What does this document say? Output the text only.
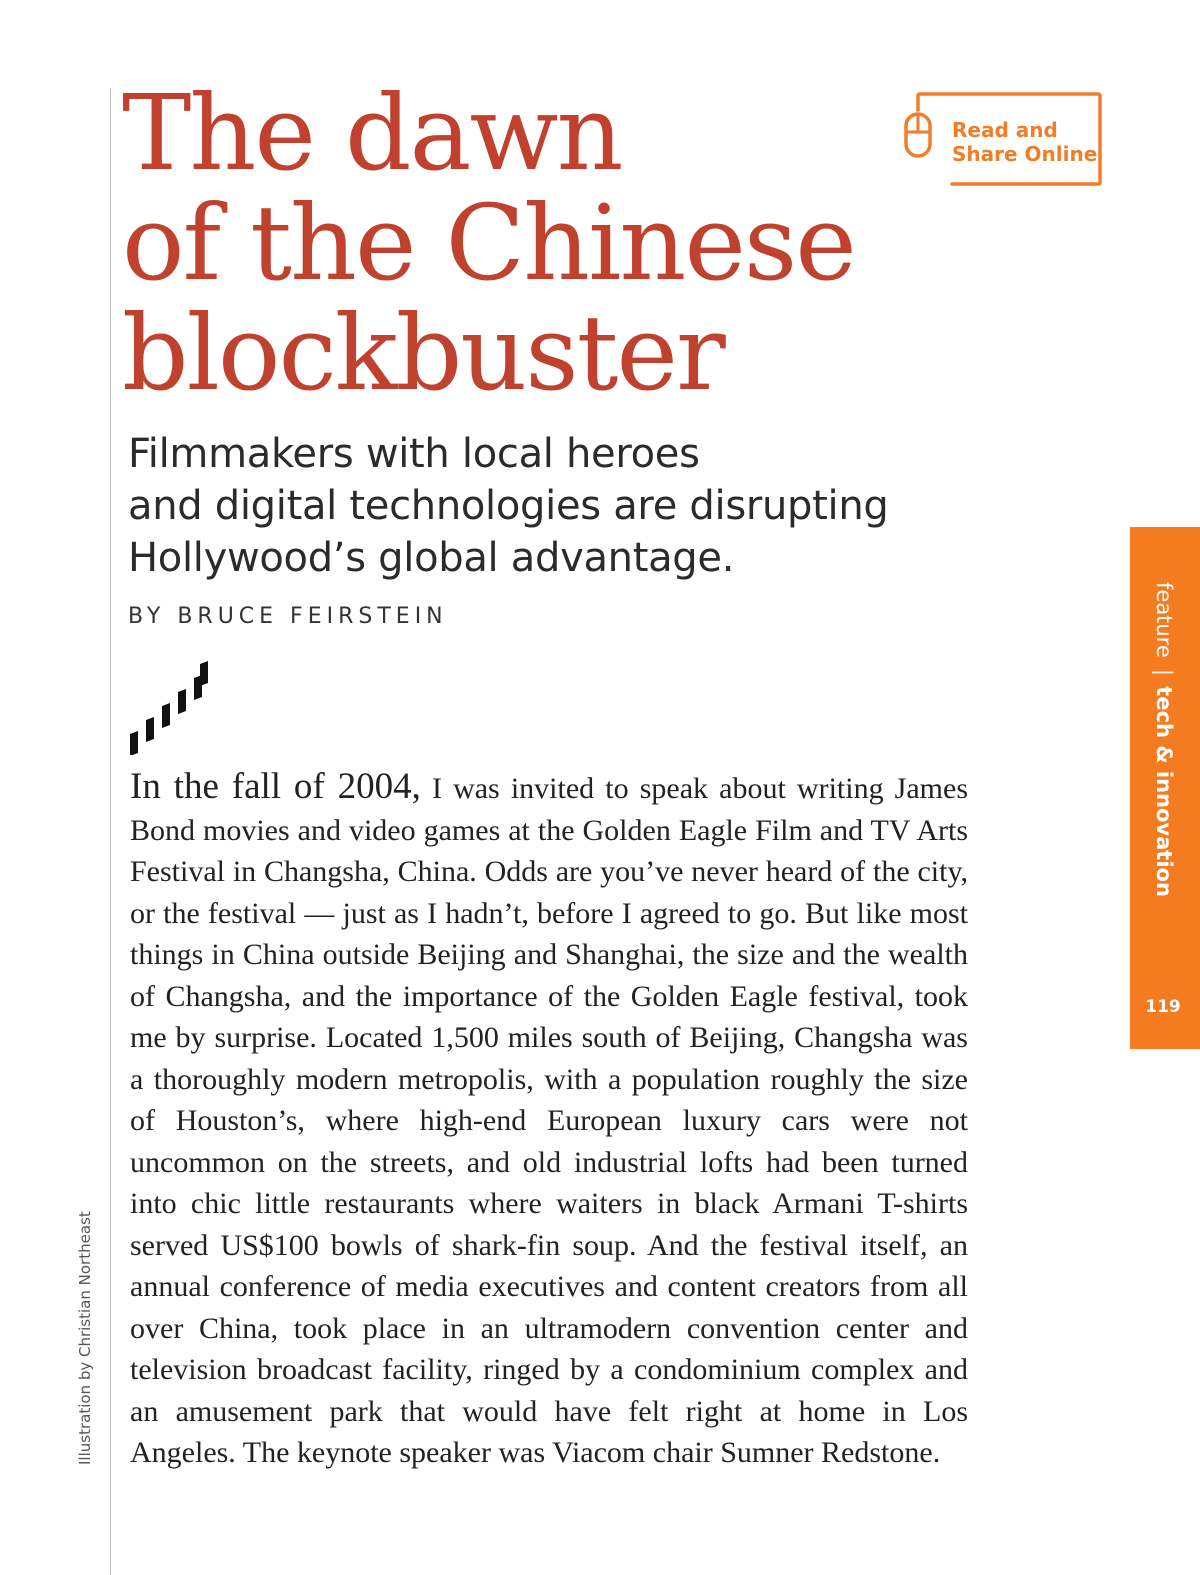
The dawn
of the Chinese
blockbuster
Read and
Share Online
Filmmakers with local heroes
and digital technologies are disrupting
Hollywood’s global advantage.
BY BRUCE FEIRSTEIN

In the fall of 2004, I was invited to speak about writing James Bond movies and video games at the Golden Eagle Film and TV Arts Festival in Changsha, China. Odds are you’ve never heard of the city, or the festival — just as I hadn’t, before I agreed to go. But like most things in China outside Beijing and Shanghai, the size and the wealth of Changsha, and the importance of the Golden Eagle festival, took me by surprise. Located 1,500 miles south of Beijing, Changsha was a thoroughly modern metropolis, with a population roughly the size of Houston’s, where high-end European luxury cars were not uncommon on the streets, and old industrial lofts had been turned into chic little restaurants where waiters in black Armani T-shirts served US$100 bowls of shark-fin soup. And the festival itself, an annual conference of media executives and content creators from all over China, took place in an ultramodern convention center and television broadcast facility, ringed by a condominium complex and an amusement park that would have felt right at home in Los Angeles. The keynote speaker was Viacom chair Sumner Redstone.

feature | tech & innovation
119
Illustration by Christian Northeast
